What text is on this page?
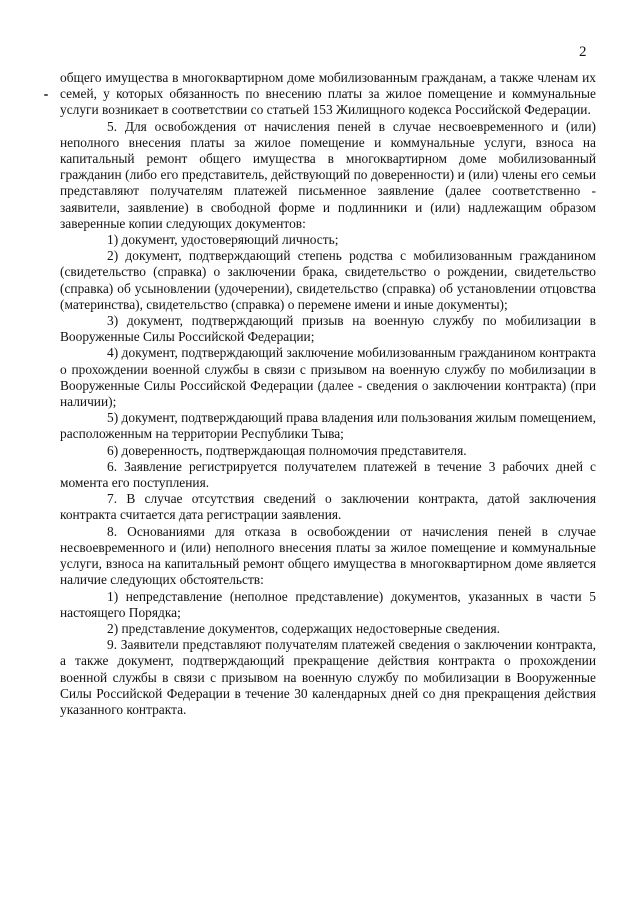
2

общего имущества в многоквартирном доме мобилизованным гражданам, а также членам их семей, у которых обязанность по внесению платы за жилое помещение и коммунальные услуги возникает в соответствии со статьей 153 Жилищного кодекса Российской Федерации.

5. Для освобождения от начисления пеней в случае несвоевременного и (или) неполного внесения платы за жилое помещение и коммунальные услуги, взноса на капитальный ремонт общего имущества в многоквартирном доме мобилизованный гражданин (либо его представитель, действующий по доверенности) и (или) члены его семьи представляют получателям платежей письменное заявление (далее соответственно - заявители, заявление) в свободной форме и подлинники и (или) надлежащим образом заверенные копии следующих документов:

1) документ, удостоверяющий личность;

2) документ, подтверждающий степень родства с мобилизованным гражданином (свидетельство (справка) о заключении брака, свидетельство о рождении, свидетельство (справка) об усыновлении (удочерении), свидетельство (справка) об установлении отцовства (материнства), свидетельство (справка) о перемене имени и иные документы);

3) документ, подтверждающий призыв на военную службу по мобилизации в Вооруженные Силы Российской Федерации;

4) документ, подтверждающий заключение мобилизованным гражданином контракта о прохождении военной службы в связи с призывом на военную службу по мобилизации в Вооруженные Силы Российской Федерации (далее - сведения о заключении контракта) (при наличии);

5) документ, подтверждающий права владения или пользования жилым помещением, расположенным на территории Республики Тыва;

6) доверенность, подтверждающая полномочия представителя.

6. Заявление регистрируется получателем платежей в течение 3 рабочих дней с момента его поступления.

7. В случае отсутствия сведений о заключении контракта, датой заключения контракта считается дата регистрации заявления.

8. Основаниями для отказа в освобождении от начисления пеней в случае несвоевременного и (или) неполного внесения платы за жилое помещение и коммунальные услуги, взноса на капитальный ремонт общего имущества в многоквартирном доме является наличие следующих обстоятельств:

1) непредставление (неполное представление) документов, указанных в части 5 настоящего Порядка;

2) представление документов, содержащих недостоверные сведения.

9. Заявители представляют получателям платежей сведения о заключении контракта, а также документ, подтверждающий прекращение действия контракта о прохождении военной службы в связи с призывом на военную службу по мобилизации в Вооруженные Силы Российской Федерации в течение 30 календарных дней со дня прекращения действия указанного контракта.
